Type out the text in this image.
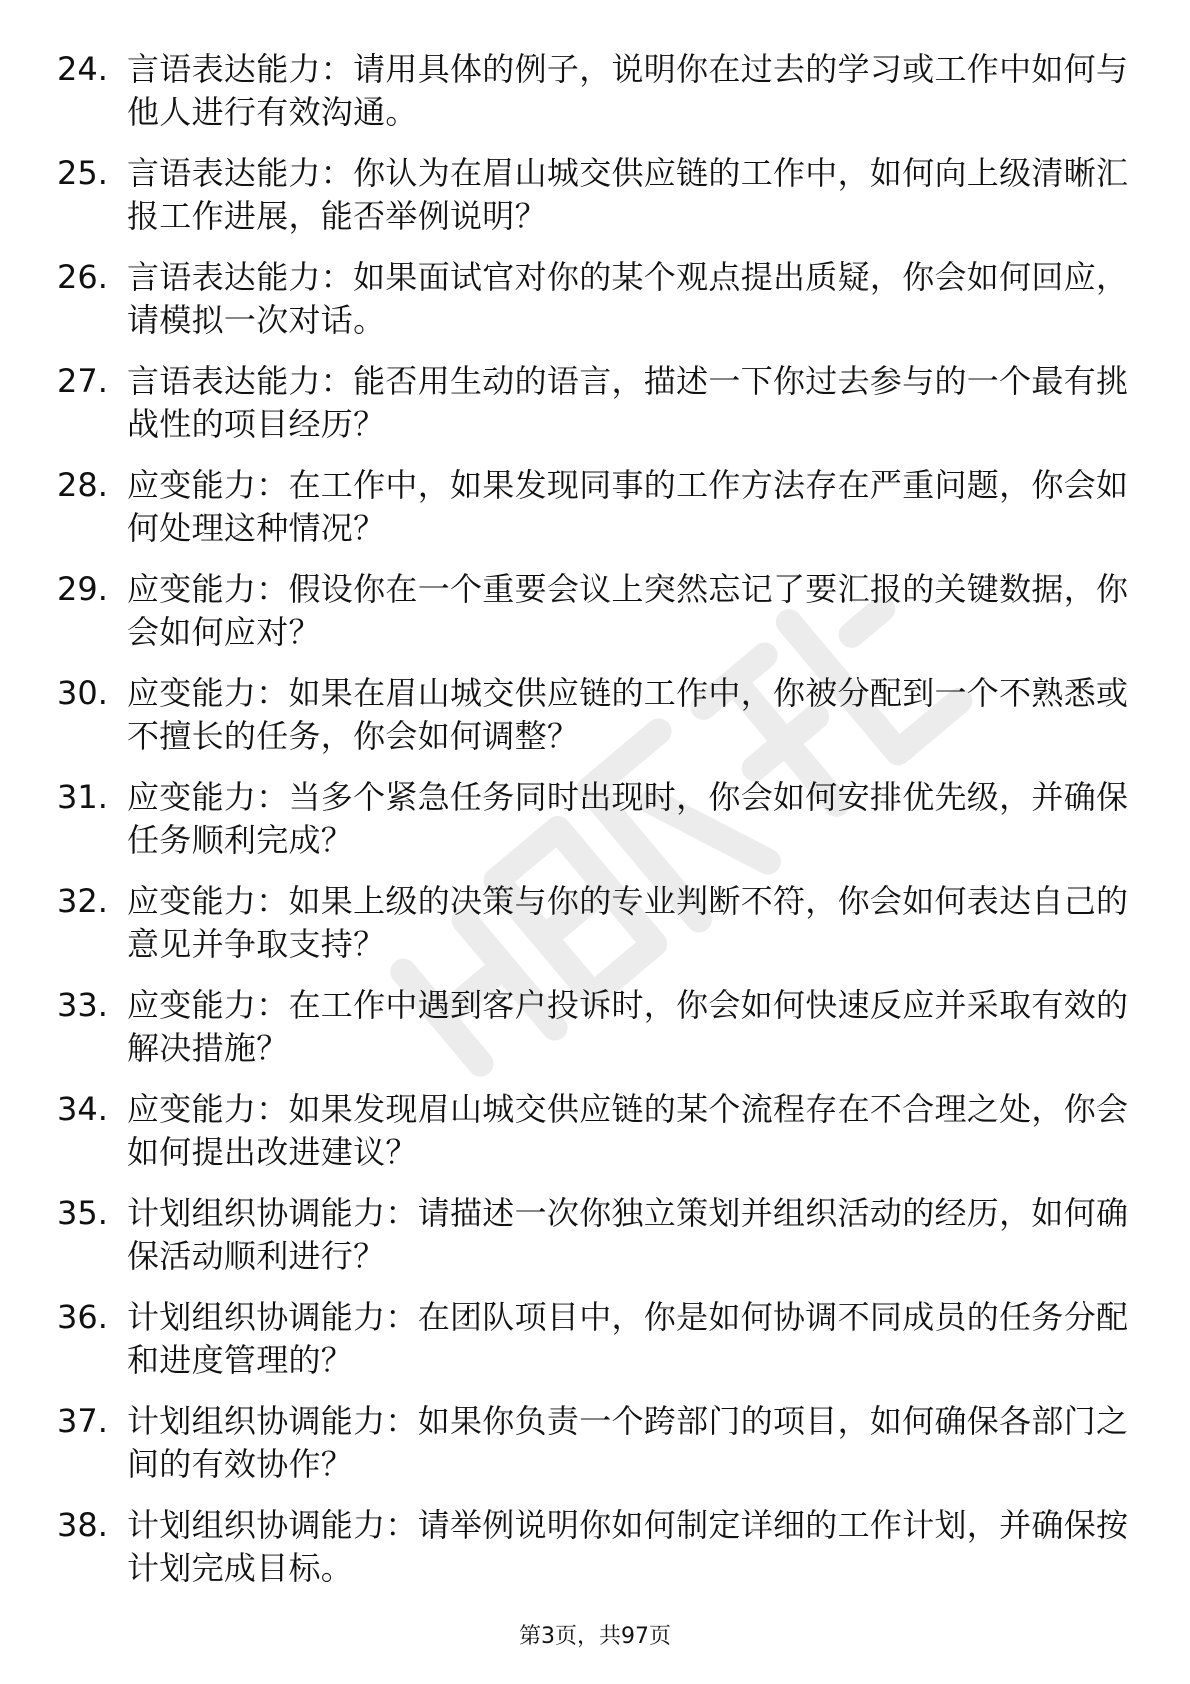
24. 言语表达能力：请用具体的例子，说明你在过去的学习或工作中如何与他人进行有效沟通。
25. 言语表达能力：你认为在眉山城交供应链的工作中，如何向上级清晰汇报工作进展，能否举例说明？
26. 言语表达能力：如果面试官对你的某个观点提出质疑，你会如何回应，请模拟一次对话。
27. 言语表达能力：能否用生动的语言，描述一下你过去参与的一个最有挑战性的项目经历？
28. 应变能力：在工作中，如果发现同事的工作方法存在严重问题，你会如何处理这种情况？
29. 应变能力：假设你在一个重要会议上突然忘记了要汇报的关键数据，你会如何应对？
30. 应变能力：如果在眉山城交供应链的工作中，你被分配到一个不熟悉或不擅长的任务，你会如何调整？
31. 应变能力：当多个紧急任务同时出现时，你会如何安排优先级，并确保任务顺利完成？
32. 应变能力：如果上级的决策与你的专业判断不符，你会如何表达自己的意见并争取支持？
33. 应变能力：在工作中遇到客户投诉时，你会如何快速反应并采取有效的解决措施？
34. 应变能力：如果发现眉山城交供应链的某个流程存在不合理之处，你会如何提出改进建议？
35. 计划组织协调能力：请描述一次你独立策划并组织活动的经历，如何确保活动顺利进行？
36. 计划组织协调能力：在团队项目中，你是如何协调不同成员的任务分配和进度管理的？
37. 计划组织协调能力：如果你负责一个跨部门的项目，如何确保各部门之间的有效协作？
38. 计划组织协调能力：请举例说明你如何制定详细的工作计划，并确保按计划完成目标。
第3页，共97页
